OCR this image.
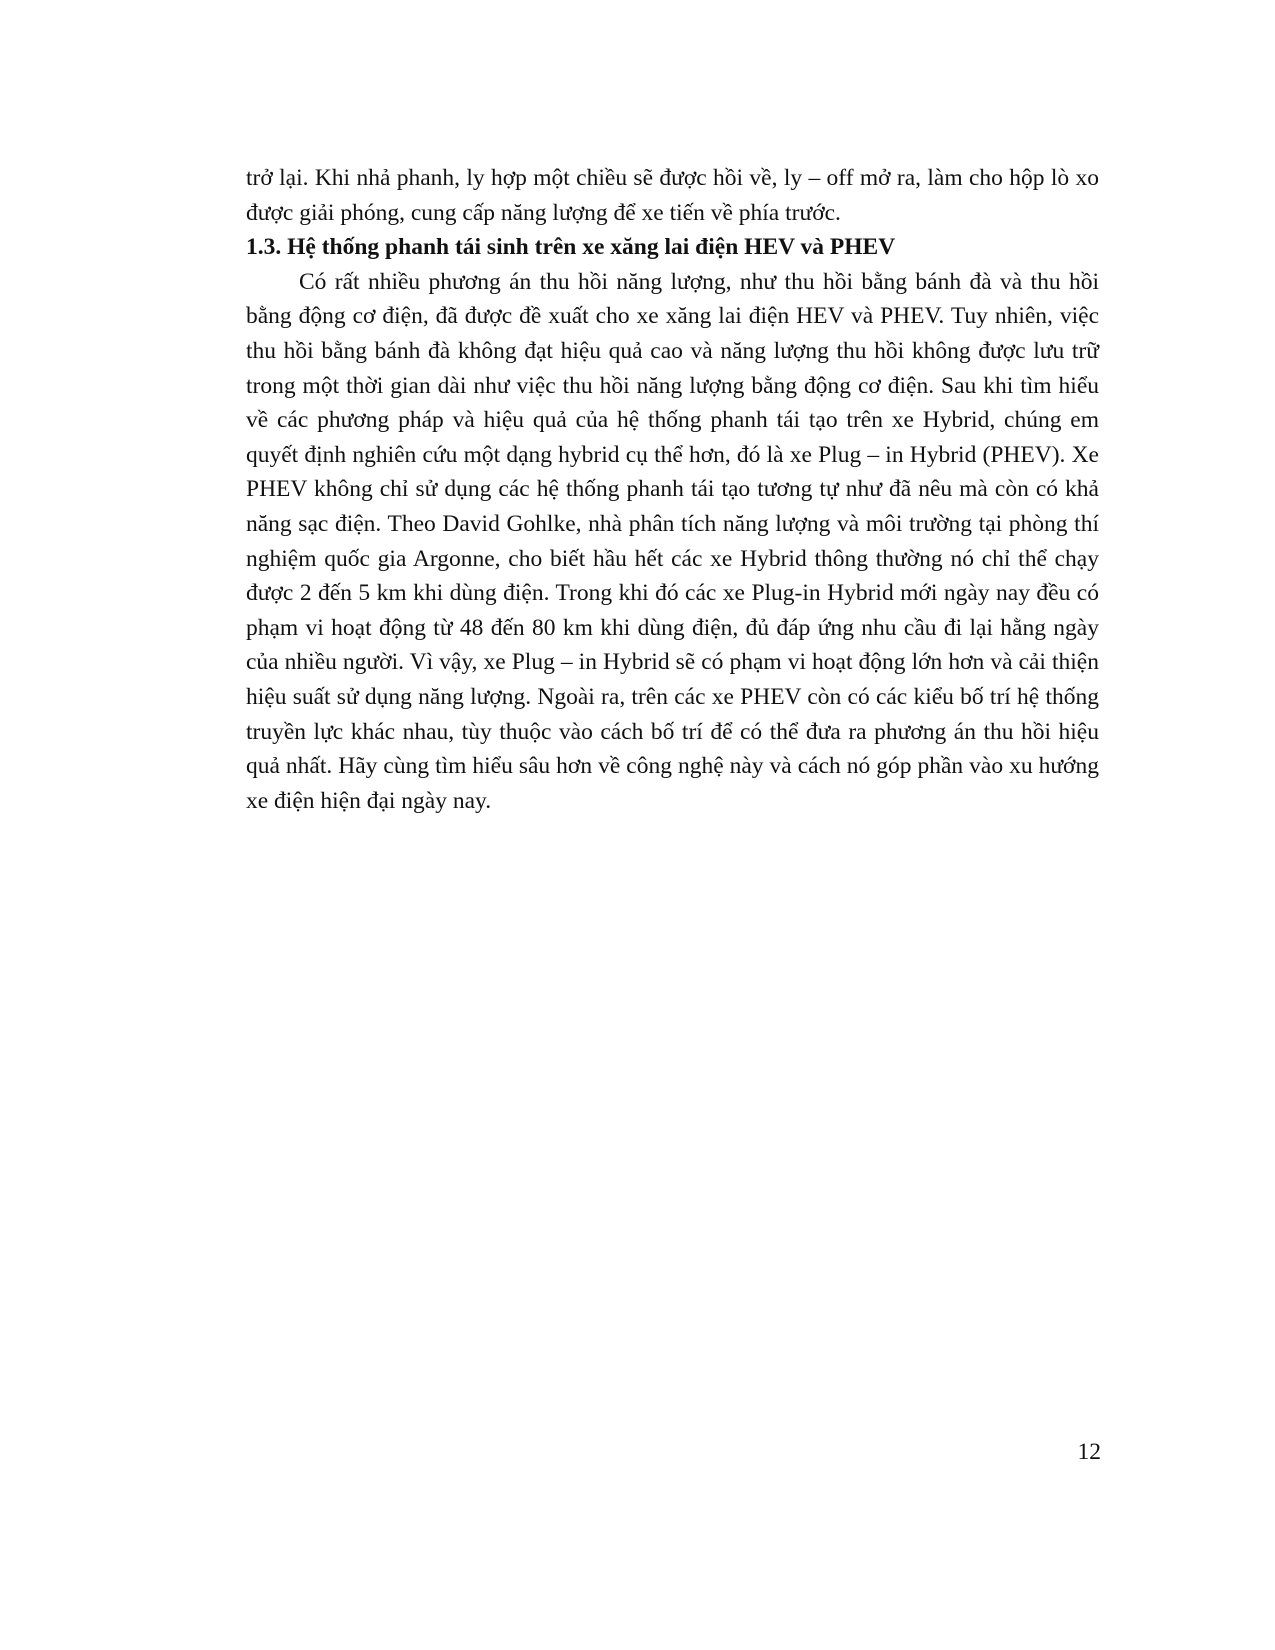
trở lại. Khi nhả phanh, ly hợp một chiều sẽ được hồi về, ly – off mở ra, làm cho hộp lò xo được giải phóng, cung cấp năng lượng để xe tiến về phía trước.

1.3. Hệ thống phanh tái sinh trên xe xăng lai điện HEV và PHEV

Có rất nhiều phương án thu hồi năng lượng, như thu hồi bằng bánh đà và thu hồi bằng động cơ điện, đã được đề xuất cho xe xăng lai điện HEV và PHEV. Tuy nhiên, việc thu hồi bằng bánh đà không đạt hiệu quả cao và năng lượng thu hồi không được lưu trữ trong một thời gian dài như việc thu hồi năng lượng bằng động cơ điện. Sau khi tìm hiểu về các phương pháp và hiệu quả của hệ thống phanh tái tạo trên xe Hybrid, chúng em quyết định nghiên cứu một dạng hybrid cụ thể hơn, đó là xe Plug – in Hybrid (PHEV). Xe PHEV không chỉ sử dụng các hệ thống phanh tái tạo tương tự như đã nêu mà còn có khả năng sạc điện. Theo David Gohlke, nhà phân tích năng lượng và môi trường tại phòng thí nghiệm quốc gia Argonne, cho biết hầu hết các xe Hybrid thông thường nó chỉ thể chạy được 2 đến 5 km khi dùng điện. Trong khi đó các xe Plug-in Hybrid mới ngày nay đều có phạm vi hoạt động từ 48 đến 80 km khi dùng điện, đủ đáp ứng nhu cầu đi lại hằng ngày của nhiều người. Vì vậy, xe Plug – in Hybrid sẽ có phạm vi hoạt động lớn hơn và cải thiện hiệu suất sử dụng năng lượng. Ngoài ra, trên các xe PHEV còn có các kiểu bố trí hệ thống truyền lực khác nhau, tùy thuộc vào cách bố trí để có thể đưa ra phương án thu hồi hiệu quả nhất. Hãy cùng tìm hiểu sâu hơn về công nghệ này và cách nó góp phần vào xu hướng xe điện hiện đại ngày nay.

12
